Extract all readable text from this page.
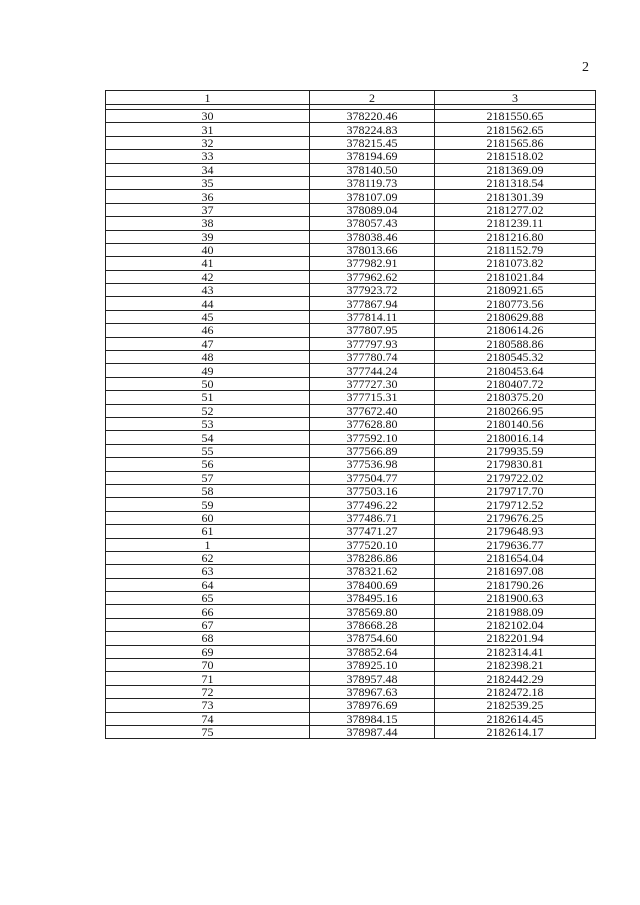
2
1	2	3

30	378220.46	2181550.65
31	378224.83	2181562.65
32	378215.45	2181565.86
33	378194.69	2181518.02
34	378140.50	2181369.09
35	378119.73	2181318.54
36	378107.09	2181301.39
37	378089.04	2181277.02
38	378057.43	2181239.11
39	378038.46	2181216.80
40	378013.66	2181152.79
41	377982.91	2181073.82
42	377962.62	2181021.84
43	377923.72	2180921.65
44	377867.94	2180773.56
45	377814.11	2180629.88
46	377807.95	2180614.26
47	377797.93	2180588.86
48	377780.74	2180545.32
49	377744.24	2180453.64
50	377727.30	2180407.72
51	377715.31	2180375.20
52	377672.40	2180266.95
53	377628.80	2180140.56
54	377592.10	2180016.14
55	377566.89	2179935.59
56	377536.98	2179830.81
57	377504.77	2179722.02
58	377503.16	2179717.70
59	377496.22	2179712.52
60	377486.71	2179676.25
61	377471.27	2179648.93
1	377520.10	2179636.77
62	378286.86	2181654.04
63	378321.62	2181697.08
64	378400.69	2181790.26
65	378495.16	2181900.63
66	378569.80	2181988.09
67	378668.28	2182102.04
68	378754.60	2182201.94
69	378852.64	2182314.41
70	378925.10	2182398.21
71	378957.48	2182442.29
72	378967.63	2182472.18
73	378976.69	2182539.25
74	378984.15	2182614.45
75	378987.44	2182614.17
